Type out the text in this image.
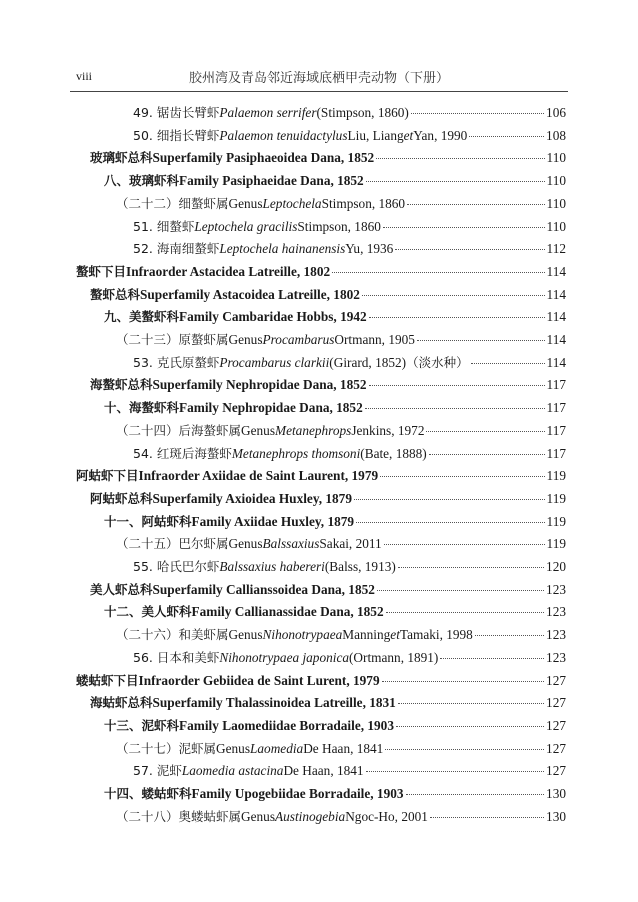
viii	胶州湾及青岛邻近海域底栖甲壳动物（下册）
49. 锯齿长臂虾 Palaemon serrifer (Stimpson, 1860)	106
50. 细指长臂虾 Palaemon tenuidactylus Liu, Liang et Yan, 1990	108
玻璃虾总科 Superfamily Pasiphaeoidea Dana, 1852	110
八、玻璃虾科 Family Pasiphaeidae Dana, 1852	110
（二十二）细螯虾属 Genus Leptochela Stimpson, 1860	110
51. 细螯虾 Leptochela gracilis Stimpson, 1860	110
52. 海南细螯虾 Leptochela hainanensis Yu, 1936	112
螯虾下目 Infraorder Astacidea Latreille, 1802	114
螯虾总科 Superfamily Astacoidea Latreille, 1802	114
九、美螯虾科 Family Cambaridae Hobbs, 1942	114
（二十三）原螯虾属 Genus Procambarus Ortmann, 1905	114
53. 克氏原螯虾 Procambarus clarkii (Girard, 1852) （淡水种）	114
海螯虾总科 Superfamily Nephropidae Dana, 1852	117
十、海螯虾科 Family Nephropidae Dana, 1852	117
（二十四）后海螯虾属 Genus Metanephrops Jenkins, 1972	117
54. 红斑后海螯虾 Metanephrops thomsoni (Bate, 1888)	117
阿蛄虾下目 Infraorder Axiidae de Saint Laurent, 1979	119
阿蛄虾总科 Superfamily Axioidea Huxley, 1879	119
十一、阿蛄虾科 Family Axiidae Huxley, 1879	119
（二十五）巴尔虾属 Genus Balssaxius Sakai, 2011	119
55. 哈氏巴尔虾 Balssaxius habereri (Balss, 1913)	120
美人虾总科 Superfamily Callianssoidea Dana, 1852	123
十二、美人虾科 Family Callianassidae Dana, 1852	123
（二十六）和美虾属 Genus Nihonotrypaea Manning et Tamaki, 1998	123
56. 日本和美虾 Nihonotrypaea japonica (Ortmann, 1891)	123
蝼蛄虾下目 Infraorder Gebiidea de Saint Lurent, 1979	127
海蛄虾总科 Superfamily Thalassinoidea Latreille, 1831	127
十三、泥虾科 Family Laomediidae Borradaile, 1903	127
（二十七）泥虾属 Genus Laomedia De Haan, 1841	127
57. 泥虾 Laomedia astacina De Haan, 1841	127
十四、蝼蛄虾科 Family Upogebiidae Borradaile, 1903	130
（二十八）奥蝼蛄虾属 Genus Austinogebia Ngoc-Ho, 2001	130
